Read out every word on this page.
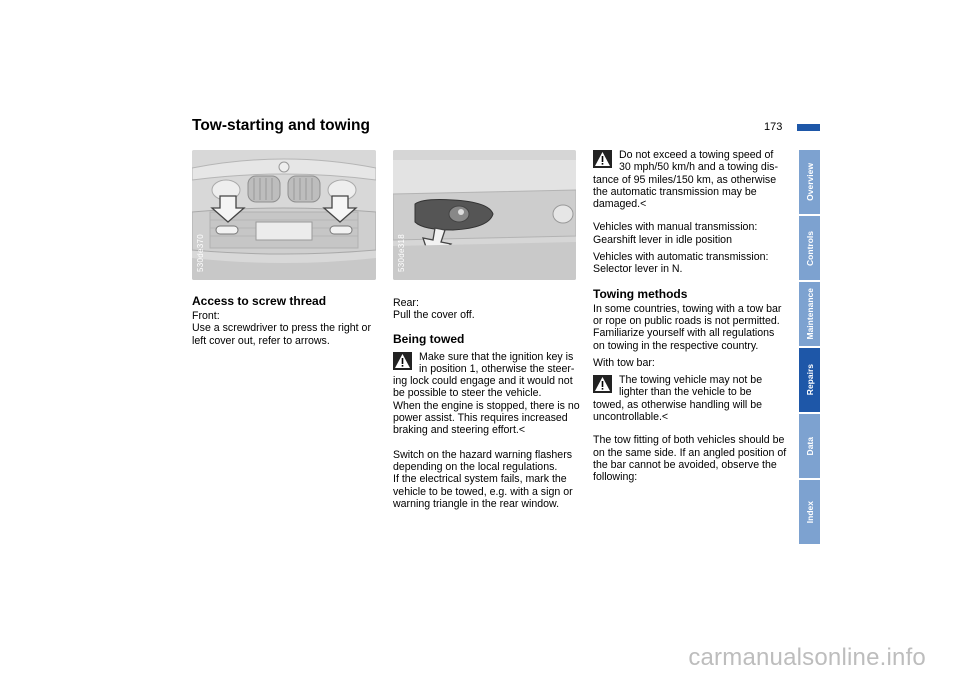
Tow-starting and towing	173
Overview
Controls
Maintenance
Repairs
Data
Index
530de370	530de318
Access to screw thread

Front:

Use a screwdriver to press the right or left cover out, refer to arrows.

Rear:

Pull the cover off.

Being towed

Make sure that the ignition key is

in position 1, otherwise the steer-

ing lock could engage and it would not be possible to steer the vehicle.

When the engine is stopped, there is no power assist. This requires increased braking and steering effort.<

Switch on the hazard warning flashers depending on the local regulations.

If the electrical system fails, mark the vehicle to be towed, e.g. with a sign or warning triangle in the rear window.

Do not exceed a towing speed of

30 mph/50 km/h and a towing dis-

tance of 95 miles/150 km, as otherwise the automatic transmission may be damaged.<

Vehicles with manual transmission:

Gearshift lever in idle position

Vehicles with automatic transmission:

Selector lever in N.

Towing methods

In some countries, towing with a tow bar or rope on public roads is not permitted.

Familiarize yourself with all regulations on towing in the respective country.

With tow bar:

The towing vehicle may not be

lighter than the vehicle to be

towed, as otherwise handling will be uncontrollable.<

The tow fitting of both vehicles should be on the same side. If an angled position of the bar cannot be avoided, observe the following:

carmanualsonline.info
